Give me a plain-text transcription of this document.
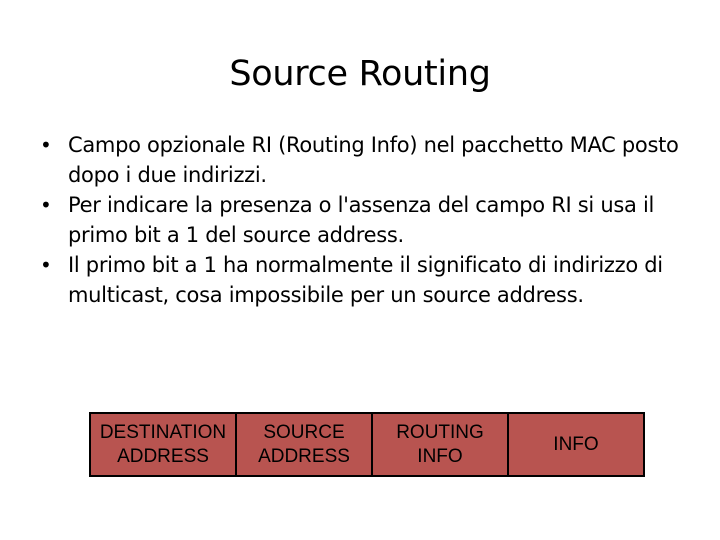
Source Routing
• Campo opzionale RI (Routing Info) nel pacchetto MAC posto dopo i due indirizzi.
• Per indicare la presenza o l'assenza del campo RI si usa il primo bit a 1 del source address.
• Il primo bit a 1 ha normalmente il significato di indirizzo di multicast, cosa impossibile per un source address.
DESTINATION
ADDRESS
SOURCE
ADDRESS
ROUTING
INFO
INFO
